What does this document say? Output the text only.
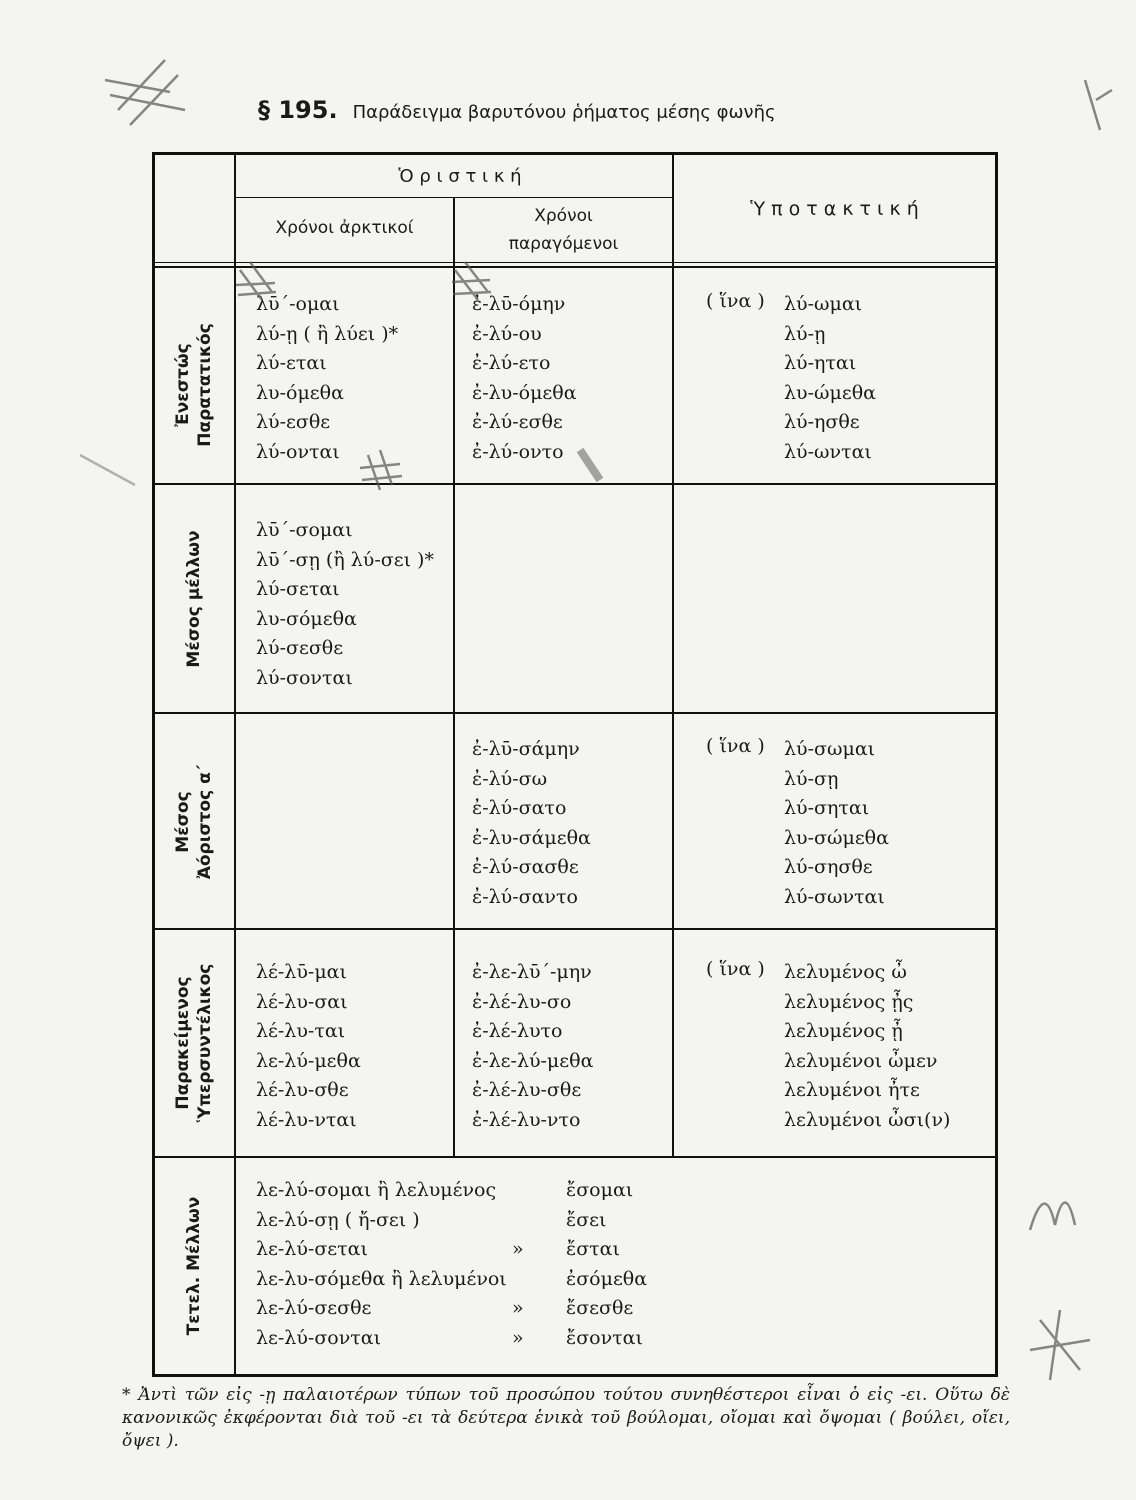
§ 195. Παράδειγμα βαρυτόνου ῥήματος μέσης φωνῆς
Ὁ ρ ι σ τ ι κ ή
Χρόνοι ἀρκτικοί
Χρόνοι
παραγόμενοι
Ὑ π ο τ α κ τ ι κ ή
Ἐνεστώς Παρατατικός
Μέσος μέλλων
Μέσος Ἀόριστος α΄
Παρακείμενος Ὑπερσυντέλικος
Τετελ. Μέλλων
λῡ΄-ομαι
λύ-ῃ ( ἢ λύει )*
λύ-εται
λυ-όμεθα
λύ-εσθε
λύ-ονται
ἐ-λῡ-όμην
ἐ-λύ-ου
ἐ-λύ-ετο
ἐ-λυ-όμεθα
ἐ-λύ-εσθε
ἐ-λύ-οντο
( ἵνα ) λύ-ωμαι
λύ-ῃ
λύ-ηται
λυ-ώμεθα
λύ-ησθε
λύ-ωνται
λῡ΄-σομαι
λῡ΄-σῃ (ἢ λύ-σει )*
λύ-σεται
λυ-σόμεθα
λύ-σεσθε
λύ-σονται
ἐ-λῡ-σάμην
ἐ-λύ-σω
ἐ-λύ-σατο
ἐ-λυ-σάμεθα
ἐ-λύ-σασθε
ἐ-λύ-σαντο
( ἵνα ) λύ-σωμαι
λύ-σῃ
λύ-σηται
λυ-σώμεθα
λύ-σησθε
λύ-σωνται
λέ-λῡ-μαι
λέ-λυ-σαι
λέ-λυ-ται
λε-λύ-μεθα
λέ-λυ-σθε
λέ-λυ-νται
ἐ-λε-λῡ΄-μην
ἐ-λέ-λυ-σο
ἐ-λέ-λυτο
ἐ-λε-λύ-μεθα
ἐ-λέ-λυ-σθε
ἐ-λέ-λυ-ντο
( ἵνα ) λελυμένος ὦ
λελυμένος ᾖς
λελυμένος ᾖ
λελυμένοι ὦμεν
λελυμένοι ἦτε
λελυμένοι ὦσι(ν)
λε-λύ-σομαι ἢ λελυμένος
λε-λύ-σῃ ( ἤ-σει )
λε-λύ-σεται
λε-λυ-σόμεθα ἢ λελυμένοι
λε-λύ-σεσθε
λε-λύ-σονται
»
»
»
ἔσομαι
ἔσει
ἔσται
ἐσόμεθα
ἔσεσθε
ἔσονται
* Ἀντὶ τῶν εἰς -ῃ παλαιοτέρων τύπων τοῦ προσώπου τούτου συνηθέστεροι εἶναι ὁ εἰς -ει. Οὕτω δὲ κανονικῶς ἐκφέρονται διὰ τοῦ -ει τὰ δεύτερα ἑνικὰ τοῦ βούλομαι, οἴομαι καὶ ὄψομαι ( βούλει, οἴει, ὄψει ).
